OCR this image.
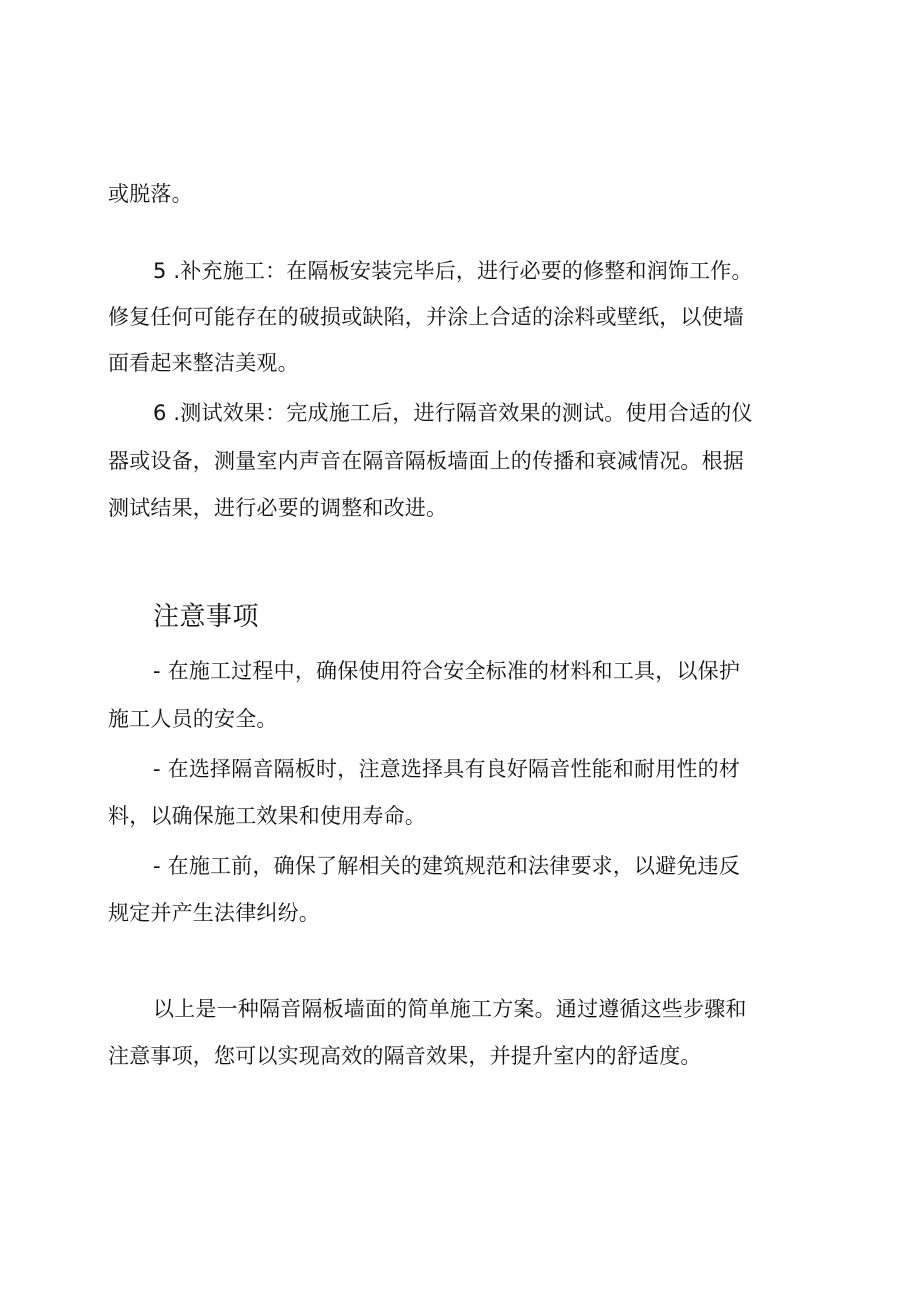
或脱落。
5 .补充施工：在隔板安装完毕后，进行必要的修整和润饰工作。
修复任何可能存在的破损或缺陷，并涂上合适的涂料或壁纸，以使墙
面看起来整洁美观。
6 .测试效果：完成施工后，进行隔音效果的测试。使用合适的仪
器或设备，测量室内声音在隔音隔板墙面上的传播和衰减情况。根据
测试结果，进行必要的调整和改进。
注意事项
- 在施工过程中，确保使用符合安全标准的材料和工具，以保护
施工人员的安全。
- 在选择隔音隔板时，注意选择具有良好隔音性能和耐用性的材
料，以确保施工效果和使用寿命。
- 在施工前，确保了解相关的建筑规范和法律要求，以避免违反
规定并产生法律纠纷。
以上是一种隔音隔板墙面的简单施工方案。通过遵循这些步骤和
注意事项，您可以实现高效的隔音效果，并提升室内的舒适度。
